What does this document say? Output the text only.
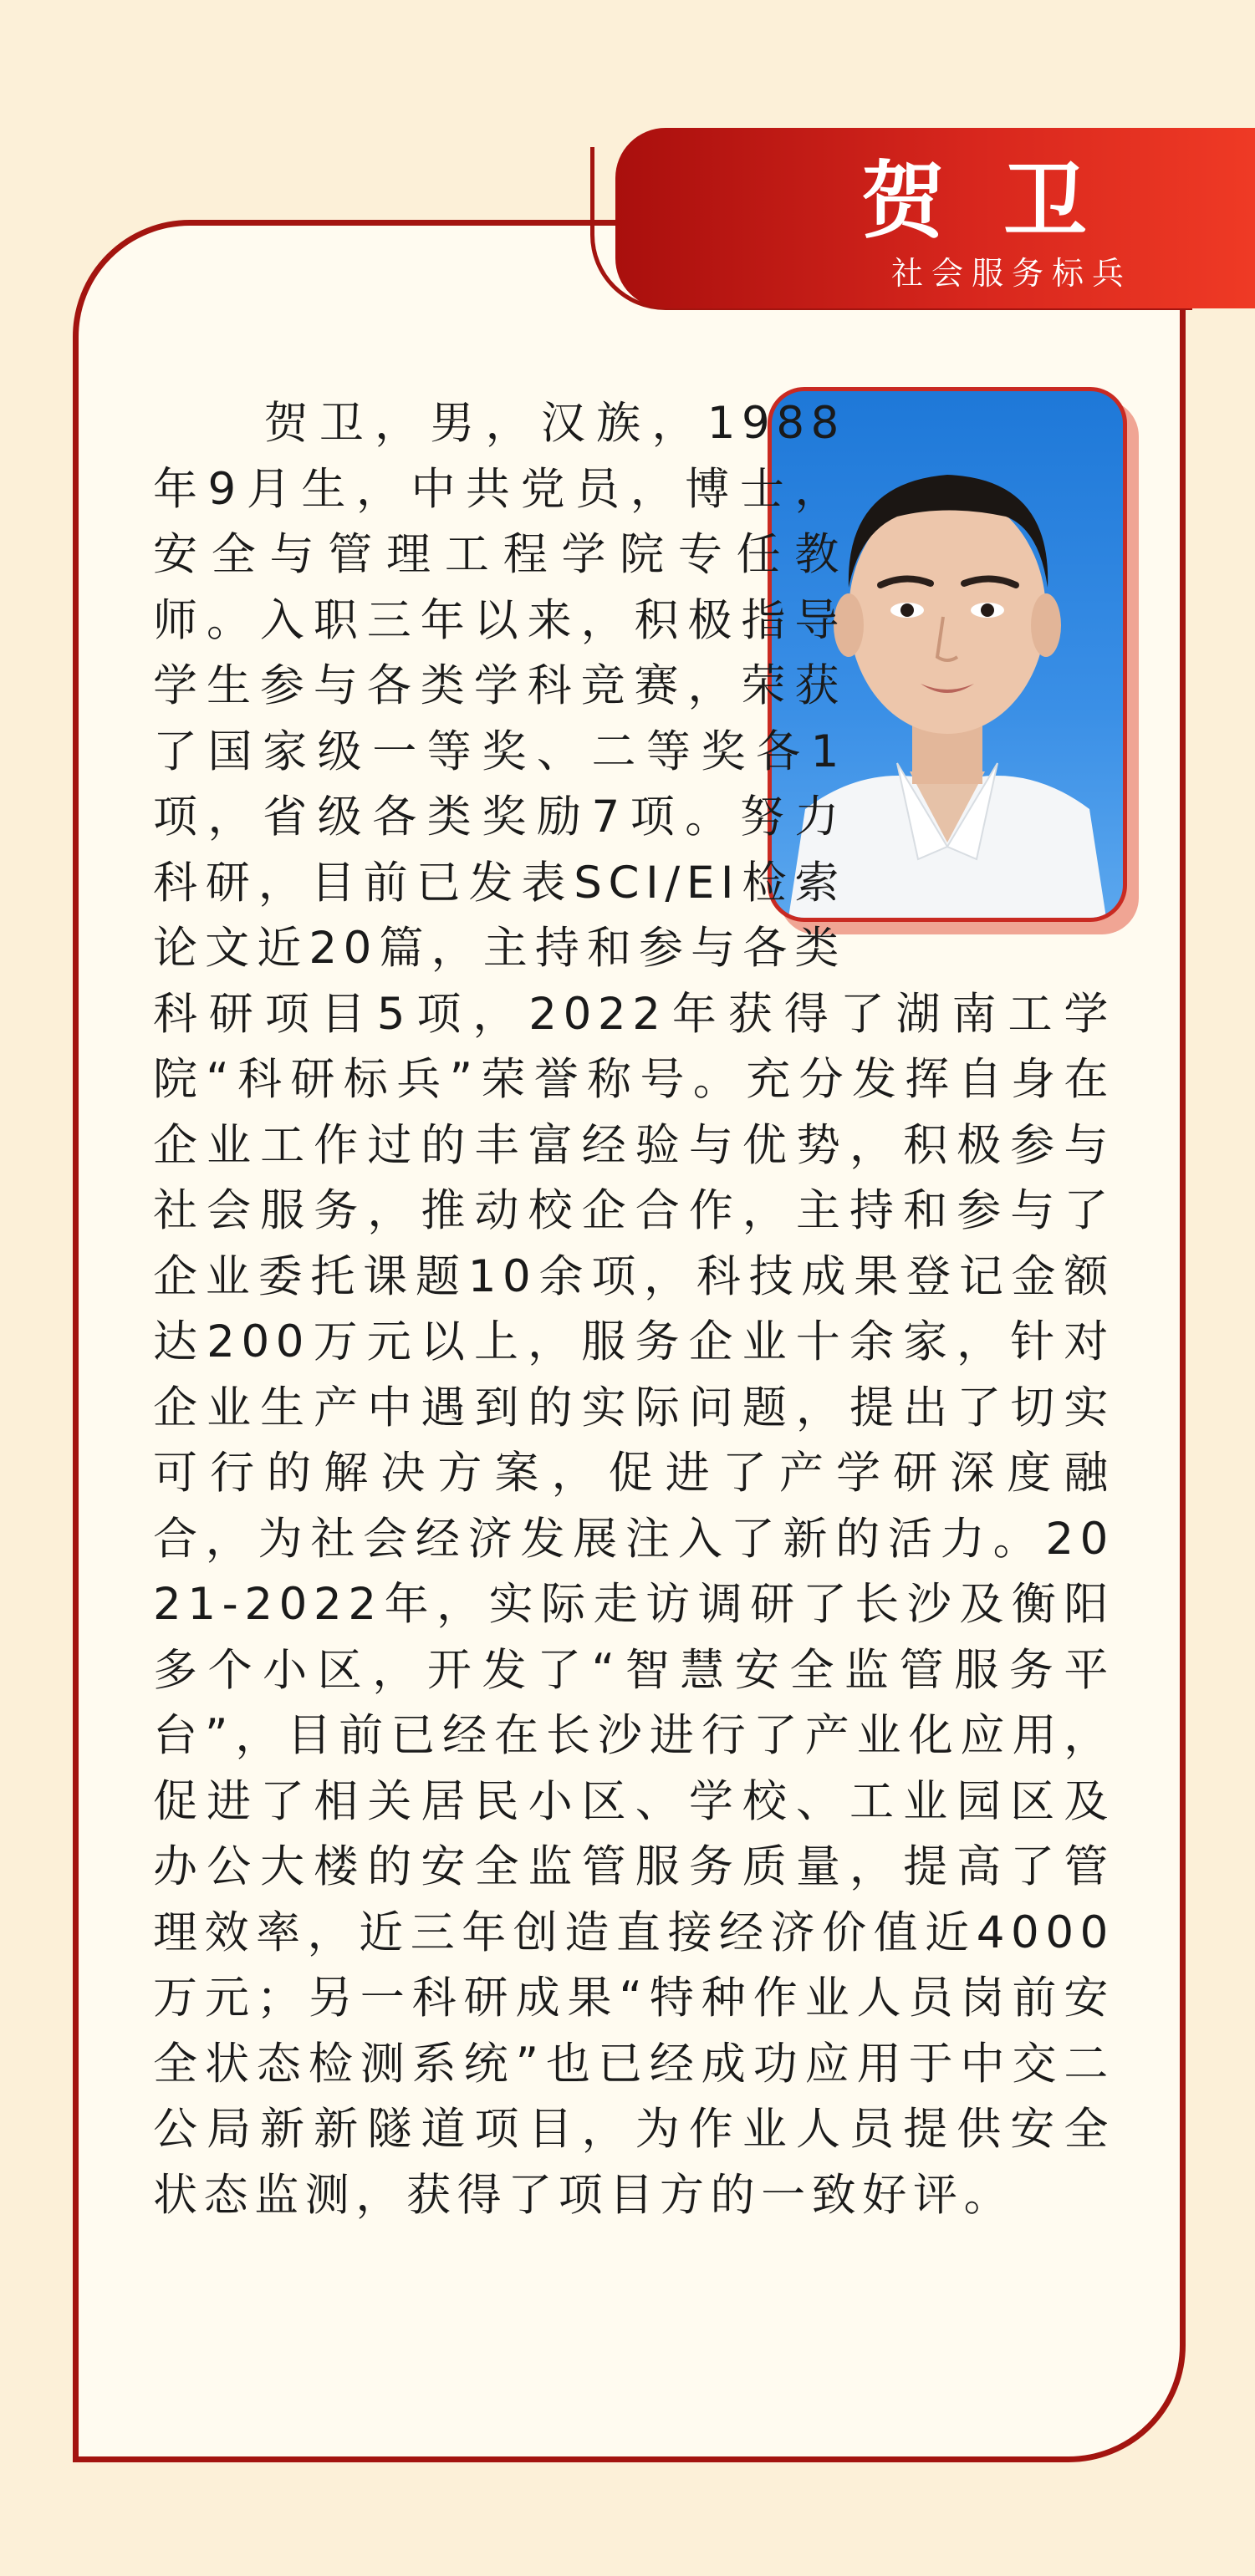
贺卫
社会服务标兵

　　贺卫，男，汉族，1988年9月生，中共党员，博士，安全与管理工程学院专任教师。入职三年以来，积极指导学生参与各类学科竞赛，荣获了国家级一等奖、二等奖各1项，省级各类奖励7项。努力科研，目前已发表SCI/EI检索论文近20篇，主持和参与各类科研项目5项，2022年获得了湖南工学院“科研标兵”荣誉称号。充分发挥自身在企业工作过的丰富经验与优势，积极参与社会服务，推动校企合作，主持和参与了企业委托课题10余项，科技成果登记金额达200万元以上，服务企业十余家，针对企业生产中遇到的实际问题，提出了切实可行的解决方案，促进了产学研深度融合，为社会经济发展注入了新的活力。2021-2022年，实际走访调研了长沙及衡阳多个小区，开发了“智慧安全监管服务平台”，目前已经在长沙进行了产业化应用，促进了相关居民小区、学校、工业园区及办公大楼的安全监管服务质量，提高了管理效率，近三年创造直接经济价值近4000万元；另一科研成果“特种作业人员岗前安全状态检测系统”也已经成功应用于中交二公局新新隧道项目，为作业人员提供安全状态监测，获得了项目方的一致好评。
